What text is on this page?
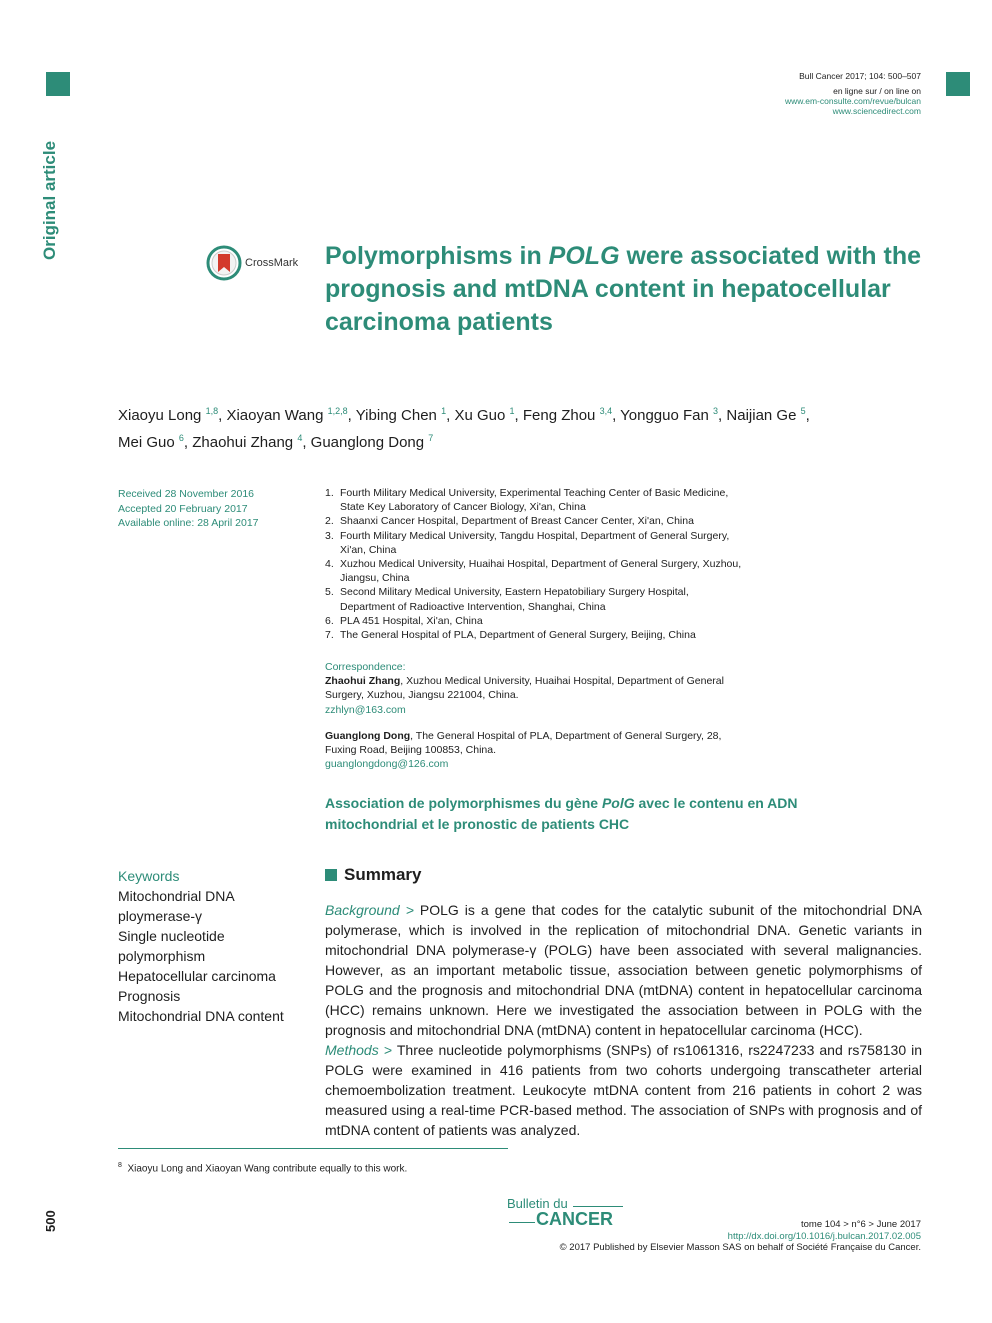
Bull Cancer 2017; 104: 500–507
en ligne sur / on line on
www.em-consulte.com/revue/bulcan
www.sciencedirect.com
Original article
500
CrossMark Polymorphisms in POLG were associated with the prognosis and mtDNA content in hepatocellular carcinoma patients
Xiaoyu Long $^{1,8}$, Xiaoyan Wang $^{1,2,8}$, Yibing Chen $^1$, Xu Guo $^1$, Feng Zhou $^{3,4}$, Yongguo Fan $^3$, Naijian Ge $^5$,
Mei Guo $^6$, Zhaohui Zhang $^4$, Guanglong Dong $^7$
Received 28 November 2016
Accepted 20 February 2017
Available online: 28 April 2017
1. Fourth Military Medical University, Experimental Teaching Center of Basic Medicine, State Key Laboratory of Cancer Biology, Xi'an, China
2. Shaanxi Cancer Hospital, Department of Breast Cancer Center, Xi'an, China
3. Fourth Military Medical University, Tangdu Hospital, Department of General Surgery, Xi'an, China
4. Xuzhou Medical University, Huaihai Hospital, Department of General Surgery, Xuzhou, Jiangsu, China
5. Second Military Medical University, Eastern Hepatobiliary Surgery Hospital, Department of Radioactive Intervention, Shanghai, China
6. PLA 451 Hospital, Xi'an, China
7. The General Hospital of PLA, Department of General Surgery, Beijing, China
Correspondence:
Zhaohui Zhang, Xuzhou Medical University, Huaihai Hospital, Department of General Surgery, Xuzhou, Jiangsu 221004, China.
zzhlyn@163.com
Guanglong Dong, The General Hospital of PLA, Department of General Surgery, 28, Fuxing Road, Beijing 100853, China.
guanglongdong@126.com
Association de polymorphismes du gène PolG avec le contenu en ADN mitochondrial et le pronostic de patients CHC
Keywords
Mitochondrial DNA
ploymerase-γ
Single nucleotide
polymorphism
Hepatocellular carcinoma
Prognosis
Mitochondrial DNA content
Summary

Background > POLG is a gene that codes for the catalytic subunit of the mitochondrial DNA polymerase, which is involved in the replication of mitochondrial DNA. Genetic variants in mitochondrial DNA polymerase-γ (POLG) have been associated with several malignancies. However, as an important metabolic tissue, association between genetic polymorphisms of POLG and the prognosis and mitochondrial DNA (mtDNA) content in hepatocellular carcinoma (HCC) remains unknown. Here we investigated the association between in POLG with the prognosis and mitochondrial DNA (mtDNA) content in hepatocellular carcinoma (HCC).

Methods > Three nucleotide polymorphisms (SNPs) of rs1061316, rs2247233 and rs758130 in POLG were examined in 416 patients from two cohorts undergoing transcatheter arterial chemoembolization treatment. Leukocyte mtDNA content from 216 patients in cohort 2 was measured using a real-time PCR-based method. The association of SNPs with prognosis and of mtDNA content of patients was analyzed.

$^8$ Xiaoyu Long and Xiaoyan Wang contribute equally to this work.
Bulletin du
CANCER	tome 104 > n°6 > June 2017
http://dx.doi.org/10.1016/j.bulcan.2017.02.005
© 2017 Published by Elsevier Masson SAS on behalf of Société Française du Cancer.
